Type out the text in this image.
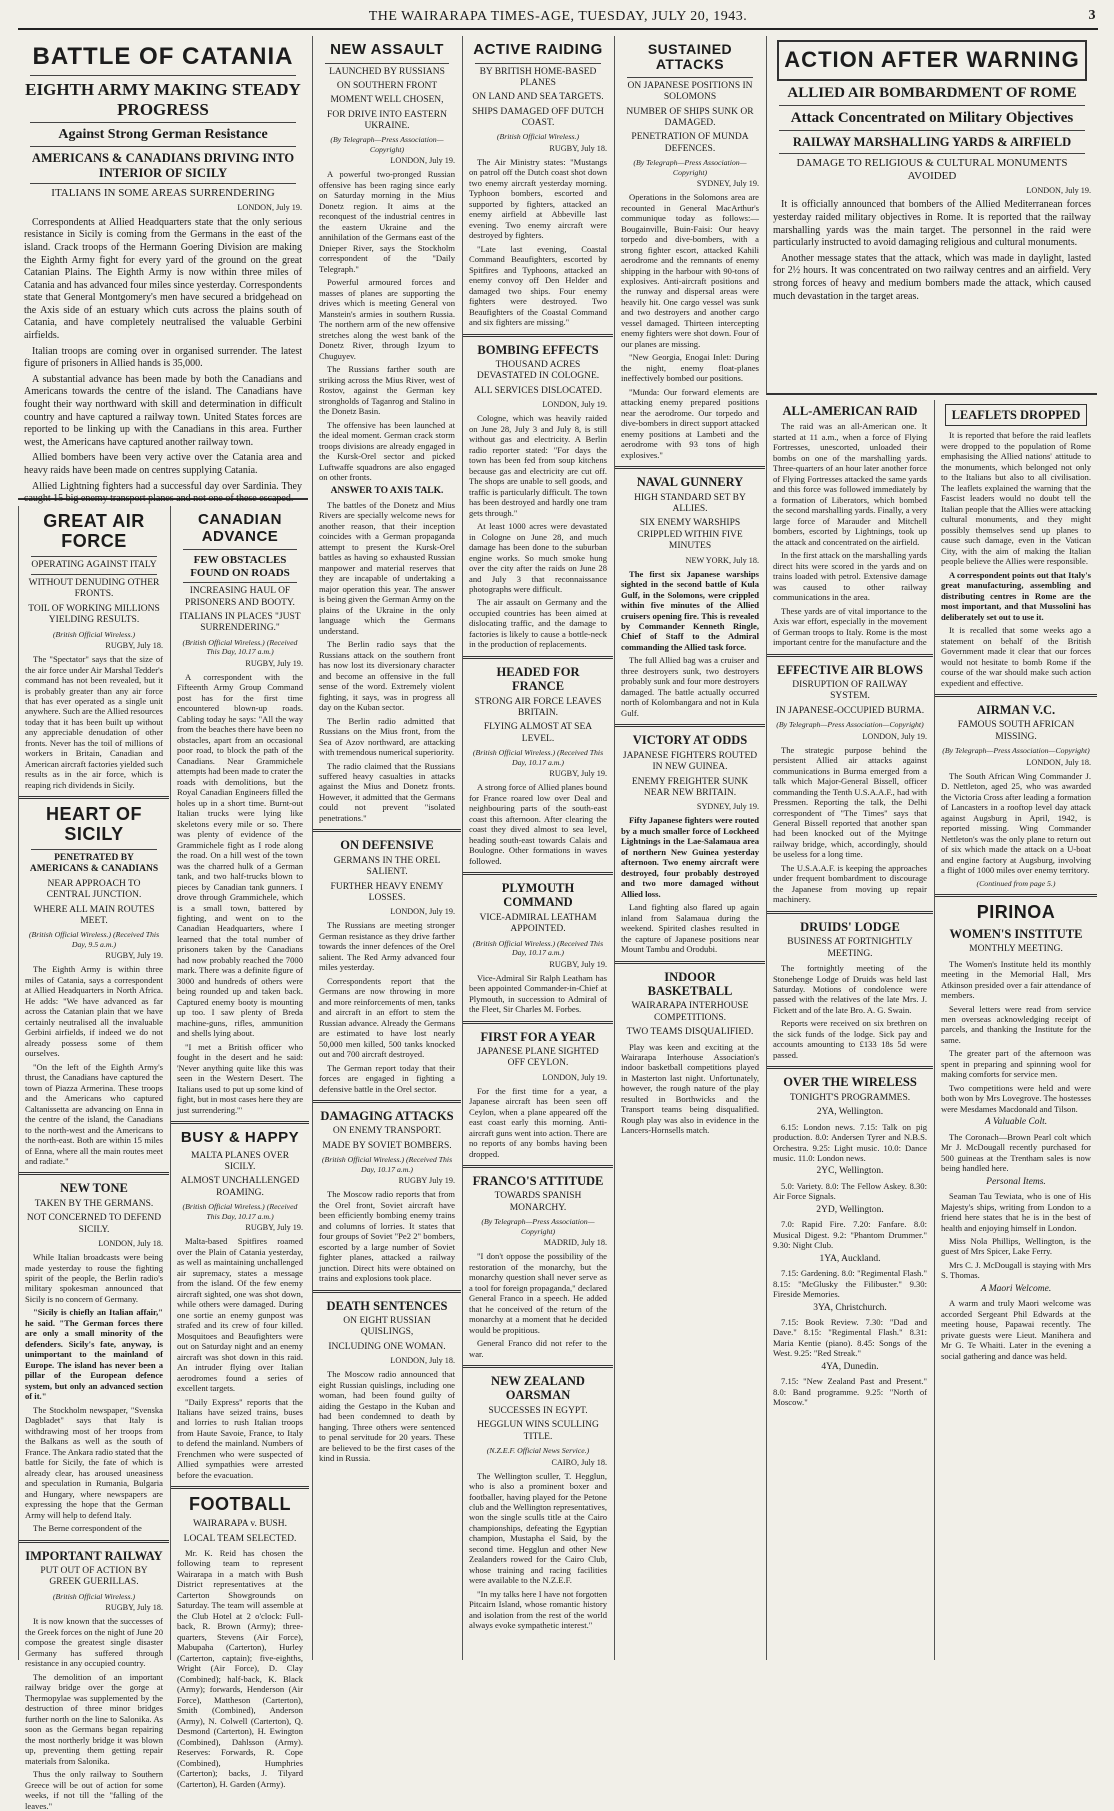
THE WAIRARAPA TIMES-AGE, TUESDAY, JULY 20, 1943.	3
BATTLE OF CATANIA
EIGHTH ARMY MAKING STEADY PROGRESS
Against Strong German Resistance
AMERICANS & CANADIANS DRIVING INTO INTERIOR OF SICILY
ITALIANS IN SOME AREAS SURRENDERING

LONDON, July 19.

Correspondents at Allied Headquarters state that the only serious resistance in Sicily is coming from the Germans in the east of the island. Crack troops of the Hermann Goering Division are making the Eighth Army fight for every yard of the ground on the great Catanian Plains. The Eighth Army is now within three miles of Catania and has advanced four miles since yesterday. Correspondents state that General Montgomery's men have secured a bridgehead on the Axis side of an estuary which cuts across the plains south of Catania, and have completely neutralised the valuable Gerbini airfields.

Italian troops are coming over in organised surrender. The latest figure of prisoners in Allied hands is 35,000.

A substantial advance has been made by both the Canadians and Americans towards the centre of the island. The Canadians have fought their way northward with skill and determination in difficult country and have captured a railway town. United States forces are reported to be linking up with the Canadians in this area. Further west, the Americans have captured another railway town.

Allied bombers have been very active over the Catania area and heavy raids have been made on centres supplying Catania.

Allied Lightning fighters had a successful day over Sardinia. They caught 15 big enemy transport planes and not one of these escaped.

GREAT AIR FORCE
OPERATING AGAINST ITALY
WITHOUT DENUDING OTHER FRONTS.
TOIL OF WORKING MILLIONS YIELDING RESULTS.

(British Official Wireless.)

RUGBY, July 18.

The "Spectator" says that the size of the air force under Air Marshal Tedder's command has not been revealed, but it is probably greater than any air force that has ever operated as a single unit anywhere. Such are the Allied resources today that it has been built up without any appreciable denudation of other fronts. Never has the toil of millions of workers in Britain, Canadian and American aircraft factories yielded such results as in the air force, which is reaping rich dividends in Sicily.

HEART OF SICILY
PENETRATED BY AMERICANS & CANADIANS
NEAR APPROACH TO CENTRAL JUNCTION.
WHERE ALL MAIN ROUTES MEET.

(British Official Wireless.) (Received This Day, 9.5 a.m.)

RUGBY, July 19.

The Eighth Army is within three miles of Catania, says a correspondent at Allied Headquarters in North Africa. He adds: "We have advanced as far across the Catanian plain that we have certainly neutralised all the invaluable Gerbini airfields, if indeed we do not already possess some of them ourselves.

"On the left of the Eighth Army's thrust, the Canadians have captured the town of Piazza Armerina. These troops and the Americans who captured Caltanissetta are advancing on Enna in the centre of the island, the Canadians to the north-west and the Americans to the north-east. Both are within 15 miles of Enna, where all the main routes meet and radiate."

NEW TONE
TAKEN BY THE GERMANS.
NOT CONCERNED TO DEFEND SICILY.

LONDON, July 18.

While Italian broadcasts were being made yesterday to rouse the fighting spirit of the people, the Berlin radio's military spokesman announced that Sicily is no concern of Germany.

"Sicily is chiefly an Italian affair," he said. "The German forces there are only a small minority of the defenders. Sicily's fate, anyway, is unimportant to the mainland of Europe. The island has never been a pillar of the European defence system, but only an advanced section of it."

The Stockholm newspaper, "Svenska Dagbladet" says that Italy is withdrawing most of her troops from the Balkans as well as the south of France. The Ankara radio stated that the battle for Sicily, the fate of which is already clear, has aroused uneasiness and speculation in Rumania, Bulgaria and Hungary, where newspapers are expressing the hope that the German Army will help to defend Italy.

The Berne correspondent of the

IMPORTANT RAILWAY
PUT OUT OF ACTION BY GREEK GUERILLAS.

(British Official Wireless.)

RUGBY, July 18.

It is now known that the successes of the Greek forces on the night of June 20 compose the greatest single disaster Germany has suffered through resistance in any occupied country.

The demolition of an important railway bridge over the gorge at Thermopylae was supplemented by the destruction of three minor bridges further north on the line to Salonika. As soon as the Germans began repairing the most northerly bridge it was blown up, preventing them getting repair materials from Salonika.

Thus the only railway to Southern Greece will be out of action for some weeks, if not till the "falling of the leaves."

CANADIAN ADVANCE
FEW OBSTACLES FOUND ON ROADS
INCREASING HAUL OF PRISONERS AND BOOTY.
ITALIANS IN PLACES "JUST SURRENDERING."

(British Official Wireless.) (Received This Day, 10.17 a.m.)

RUGBY, July 19.

A correspondent with the Fifteenth Army Group Command post has for the first time encountered blown-up roads. Cabling today he says: "All the way from the beaches there have been no obstacles, apart from an occasional poor road, to block the path of the Canadians. Near Grammichele attempts had been made to crater the roads with demolitions, but the Royal Canadian Engineers filled the holes up in a short time. Burnt-out Italian trucks were lying like skeletons every mile or so. There was plenty of evidence of the Grammichele fight as I rode along the road. On a hill west of the town was the charred hulk of a German tank, and two half-trucks blown to pieces by Canadian tank gunners. I drove through Grammichele, which is a small town, battered by fighting, and went on to the Canadian Headquarters, where I learned that the total number of prisoners taken by the Canadians had now probably reached the 7000 mark. There was a definite figure of 3000 and hundreds of others were being rounded up and taken back. Captured enemy booty is mounting up too. I saw plenty of Breda machine-guns, rifles, ammunition and shells lying about.

"I met a British officer who fought in the desert and he said: 'Never anything quite like this was seen in the Western Desert. The Italians used to put up some kind of fight, but in most cases here they are just surrendering.'"

BUSY & HAPPY
MALTA PLANES OVER SICILY.
ALMOST UNCHALLENGED ROAMING.

(British Official Wireless.) (Received This Day, 10.17 a.m.)

RUGBY, July 19.

Malta-based Spitfires roamed over the Plain of Catania yesterday, as well as maintaining unchallenged air supremacy, states a message from the island. Of the few enemy aircraft sighted, one was shot down, while others were damaged. During one sortie an enemy gunpost was strafed and its crew of four killed. Mosquitoes and Beaufighters were out on Saturday night and an enemy aircraft was shot down in this raid. An intruder flying over Italian aerodromes found a series of excellent targets.

"Daily Express" reports that the Italians have seized trains, buses and lorries to rush Italian troops from Haute Savoie, France, to Italy to defend the mainland. Numbers of Frenchmen who were suspected of Allied sympathies were arrested before the evacuation.

FOOTBALL
WAIRARAPA v. BUSH.
LOCAL TEAM SELECTED.

Mr. K. Reid has chosen the following team to represent Wairarapa in a match with Bush District representatives at the Carterton Showgrounds on Saturday. The team will assemble at the Club Hotel at 2 o'clock: Full-back, R. Brown (Army); three-quarters, Stevens (Air Force), Mabupaha (Carterton), Hurley (Carterton, captain); five-eighths, Wright (Air Force), D. Clay (Combined); half-back, K. Black (Army); forwards, Henderson (Air Force), Mattheson (Carterton), Smith (Combined), Anderson (Army), N. Colwell (Carterton), Q. Desmond (Carterton), H. Ewington (Combined), Dahlsson (Army). Reserves: Forwards, R. Cope (Combined), Humphries (Carterton); backs, J. Tilyard (Carterton), H. Garden (Army).

NEW ASSAULT
LAUNCHED BY RUSSIANS
ON SOUTHERN FRONT
MOMENT WELL CHOSEN,
FOR DRIVE INTO EASTERN UKRAINE.

(By Telegraph—Press Association—Copyright)

LONDON, July 19.

A powerful two-pronged Russian offensive has been raging since early on Saturday morning in the Mius Donetz region. It aims at the reconquest of the industrial centres in the eastern Ukraine and the annihilation of the Germans east of the Dnieper River, says the Stockholm correspondent of the "Daily Telegraph."

Powerful armoured forces and masses of planes are supporting the drives which is meeting General von Manstein's armies in southern Russia. The northern arm of the new offensive stretches along the west bank of the Donetz River, through Izyum to Chuguyev.

The Russians farther south are striking across the Mius River, west of Rostov, against the German key strongholds of Taganrog and Stalino in the Donetz Basin.

The offensive has been launched at the ideal moment. German crack storm troops divisions are already engaged in the Kursk-Orel sector and picked Luftwaffe squadrons are also engaged on other fronts.

ANSWER TO AXIS TALK.

The battles of the Donetz and Mius Rivers are specially welcome news for another reason, that their inception coincides with a German propaganda attempt to present the Kursk-Orel battles as having so exhausted Russian manpower and material reserves that they are incapable of undertaking a major operation this year. The answer is being given the German Army on the plains of the Ukraine in the only language which the Germans understand.

The Berlin radio says that the Russians attack on the southern front has now lost its diversionary character and become an offensive in the full sense of the word. Extremely violent fighting, it says, was in progress all day on the Kuban sector.

The Berlin radio admitted that Russians on the Mius front, from the Sea of Azov northward, are attacking with tremendous numerical superiority.

The radio claimed that the Russians suffered heavy casualties in attacks against the Mius and Donetz fronts. However, it admitted that the Germans could not prevent "isolated penetrations."

ON DEFENSIVE
GERMANS IN THE OREL SALIENT.
FURTHER HEAVY ENEMY LOSSES.

LONDON, July 19.

The Russians are meeting stronger German resistance as they drive farther towards the inner defences of the Orel salient. The Red Army advanced four miles yesterday.

Correspondents report that the Germans are now throwing in more and more reinforcements of men, tanks and aircraft in an effort to stem the Russian advance. Already the Germans are estimated to have lost nearly 50,000 men killed, 500 tanks knocked out and 700 aircraft destroyed.

The German report today that their forces are engaged in fighting a defensive battle in the Orel sector.

DAMAGING ATTACKS
ON ENEMY TRANSPORT.
MADE BY SOVIET BOMBERS.

(British Official Wireless.) (Received This Day, 10.17 a.m.)

RUGBY July 19.

The Moscow radio reports that from the Orel front, Soviet aircraft have been efficiently bombing enemy trains and columns of lorries. It states that four groups of Soviet "Pe2 2" bombers, escorted by a large number of Soviet fighter planes, attacked a railway junction. Direct hits were obtained on trains and explosions took place.

DEATH SENTENCES
ON EIGHT RUSSIAN QUISLINGS,
INCLUDING ONE WOMAN.

LONDON, July 18.

The Moscow radio announced that eight Russian quislings, including one woman, had been found guilty of aiding the Gestapo in the Kuban and had been condemned to death by hanging. Three others were sentenced to penal servitude for 20 years. These are believed to be the first cases of the kind in Russia.

ACTIVE RAIDING
BY BRITISH HOME-BASED PLANES
ON LAND AND SEA TARGETS.
SHIPS DAMAGED OFF DUTCH COAST.

(British Official Wireless.)

RUGBY, July 18.

The Air Ministry states: "Mustangs on patrol off the Dutch coast shot down two enemy aircraft yesterday morning. Typhoon bombers, escorted and supported by fighters, attacked an enemy airfield at Abbeville last evening. Two enemy aircraft were destroyed by fighters.

"Late last evening, Coastal Command Beaufighters, escorted by Spitfires and Typhoons, attacked an enemy convoy off Den Helder and damaged two ships. Four enemy fighters were destroyed. Two Beaufighters of the Coastal Command and six fighters are missing."

BOMBING EFFECTS
THOUSAND ACRES DEVASTATED IN COLOGNE.
ALL SERVICES DISLOCATED.

LONDON, July 19.

Cologne, which was heavily raided on June 28, July 3 and July 8, is still without gas and electricity. A Berlin radio reporter stated: "For days the town has been fed from soup kitchens because gas and electricity are cut off. The shops are unable to sell goods, and traffic is particularly difficult. The town has been destroyed and hardly one tram gets through."

At least 1000 acres were devastated in Cologne on June 28, and much damage has been done to the suburban engine works. So much smoke hung over the city after the raids on June 28 and July 3 that reconnaissance photographs were difficult.

The air assault on Germany and the occupied countries has been aimed at dislocating traffic, and the damage to factories is likely to cause a bottle-neck in the production of replacements.

HEADED FOR FRANCE
STRONG AIR FORCE LEAVES BRITAIN.
FLYING ALMOST AT SEA LEVEL.

(British Official Wireless.) (Received This Day, 10.17 a.m.)

RUGBY, July 19.

A strong force of Allied planes bound for France roared low over Deal and neighbouring parts of the south-east coast this afternoon. After clearing the coast they dived almost to sea level, heading south-east towards Calais and Boulogne. Other formations in waves followed.

PLYMOUTH COMMAND
VICE-ADMIRAL LEATHAM APPOINTED.

(British Official Wireless.) (Received This Day, 10.17 a.m.)

RUGBY, July 19.

Vice-Admiral Sir Ralph Leatham has been appointed Commander-in-Chief at Plymouth, in succession to Admiral of the Fleet, Sir Charles M. Forbes.

FIRST FOR A YEAR
JAPANESE PLANE SIGHTED OFF CEYLON.

LONDON, July 19.

For the first time for a year, a Japanese aircraft has been seen off Ceylon, when a plane appeared off the east coast early this morning. Anti-aircraft guns went into action. There are no reports of any bombs having been dropped.

FRANCO'S ATTITUDE
TOWARDS SPANISH MONARCHY.

(By Telegraph—Press Association—Copyright)

MADRID, July 18.

"I don't oppose the possibility of the restoration of the monarchy, but the monarchy question shall never serve as a tool for foreign propaganda," declared General Franco in a speech. He added that he conceived of the return of the monarchy at a moment that he decided would be propitious.

General Franco did not refer to the war.

NEW ZEALAND OARSMAN
SUCCESSES IN EGYPT.
HEGGLUN WINS SCULLING TITLE.

(N.Z.E.F. Official News Service.)

CAIRO, July 18.

The Wellington sculler, T. Hegglun, who is also a prominent boxer and footballer, having played for the Petone club and the Wellington representatives, won the single sculls title at the Cairo championships, defeating the Egyptian champion, Mustapha el Said, by the second time. Hegglun and other New Zealanders rowed for the Cairo Club, whose training and racing facilities were available to the N.Z.E.F.

"In my talks here I have not forgotten Pitcairn Island, whose romantic history and isolation from the rest of the world always evoke sympathetic interest."

SUSTAINED ATTACKS
ON JAPANESE POSITIONS IN SOLOMONS
NUMBER OF SHIPS SUNK OR DAMAGED.
PENETRATION OF MUNDA DEFENCES.

(By Telegraph—Press Association—Copyright)

SYDNEY, July 19.

Operations in the Solomons area are recounted in General MacArthur's communique today as follows:—Bougainville, Buin-Faisi: Our heavy torpedo and dive-bombers, with a strong fighter escort, attacked Kahili aerodrome and the remnants of enemy shipping in the harbour with 90-tons of explosives. Anti-aircraft positions and the runway and dispersal areas were heavily hit. One cargo vessel was sunk and two destroyers and another cargo vessel damaged. Thirteen intercepting enemy fighters were shot down. Four of our planes are missing.

"New Georgia, Enogai Inlet: During the night, enemy float-planes ineffectively bombed our positions.

"Munda: Our forward elements are attacking enemy prepared positions near the aerodrome. Our torpedo and dive-bombers in direct support attacked enemy positions at Lambeti and the aerodrome with 93 tons of high explosives."

NAVAL GUNNERY
HIGH STANDARD SET BY ALLIES.
SIX ENEMY WARSHIPS CRIPPLED WITHIN FIVE MINUTES

NEW YORK, July 18.

The first six Japanese warships sighted in the second battle of Kula Gulf, in the Solomons, were crippled within five minutes of the Allied cruisers opening fire. This is revealed by Commander Kenneth Ringle, Chief of Staff to the Admiral commanding the Allied task force.

The full Allied bag was a cruiser and three destroyers sunk, two destroyers probably sunk and four more destroyers damaged. The battle actually occurred north of Kolombangara and not in Kula Gulf.

VICTORY AT ODDS
JAPANESE FIGHTERS ROUTED IN NEW GUINEA.
ENEMY FREIGHTER SUNK NEAR NEW BRITAIN.

SYDNEY, July 19.

Fifty Japanese fighters were routed by a much smaller force of Lockheed Lightnings in the Lae-Salamaua area of northern New Guinea yesterday afternoon. Two enemy aircraft were destroyed, four probably destroyed and two more damaged without Allied loss.

Land fighting also flared up again inland from Salamaua during the weekend. Spirited clashes resulted in the capture of Japanese positions near Mount Tambu and Orodubi.

INDOOR BASKETBALL
WAIRARAPA INTERHOUSE COMPETITIONS.
TWO TEAMS DISQUALIFIED.

Play was keen and exciting at the Wairarapa Interhouse Association's indoor basketball competitions played in Masterton last night. Unfortunately, however, the rough nature of the play resulted in Borthwicks and the Transport teams being disqualified. Rough play was also in evidence in the Lancers-Hornsells match.

ACTION AFTER WARNING
ALLIED AIR BOMBARDMENT OF ROME
Attack Concentrated on Military Objectives
RAILWAY MARSHALLING YARDS & AIRFIELD
DAMAGE TO RELIGIOUS & CULTURAL MONUMENTS AVOIDED

LONDON, July 19.

It is officially announced that bombers of the Allied Mediterranean forces yesterday raided military objectives in Rome. It is reported that the railway marshalling yards was the main target. The personnel in the raid were particularly instructed to avoid damaging religious and cultural monuments.

Another message states that the attack, which was made in daylight, lasted for 2½ hours. It was concentrated on two railway centres and an airfield. Very strong forces of heavy and medium bombers made the attack, which caused much devastation in the target areas.

ALL-AMERICAN RAID

The raid was an all-American one. It started at 11 a.m., when a force of Flying Fortresses, unescorted, unloaded their bombs on one of the marshalling yards. Three-quarters of an hour later another force of Flying Fortresses attacked the same yards and this force was followed immediately by a formation of Liberators, which bombed the second marshalling yards. Finally, a very large force of Marauder and Mitchell bombers, escorted by Lightnings, took up the attack and concentrated on the airfield.

In the first attack on the marshalling yards direct hits were scored in the yards and on trains loaded with petrol. Extensive damage was caused to other railway communications in the area.

These yards are of vital importance to the Axis war effort, especially in the movement of German troops to Italy. Rome is the most important centre for the manufacture and the

EFFECTIVE AIR BLOWS
DISRUPTION OF RAILWAY SYSTEM.
IN JAPANESE-OCCUPIED BURMA.

(By Telegraph—Press Association—Copyright)

LONDON, July 19.

The strategic purpose behind the persistent Allied air attacks against communications in Burma emerged from a talk which Major-General Bissell, officer commanding the Tenth U.S.A.A.F., had with Pressmen. Reporting the talk, the Delhi correspondent of "The Times" says that General Bissell reported that another span had been knocked out of the Myitnge railway bridge, which, accordingly, should be useless for a long time.

The U.S.A.A.F. is keeping the approaches under frequent bombardment to discourage the Japanese from moving up repair machinery.

DRUIDS' LODGE
BUSINESS AT FORTNIGHTLY MEETING.

The fortnightly meeting of the Stonehenge Lodge of Druids was held last Saturday. Motions of condolence were passed with the relatives of the late Mrs. J. Fickett and of the late Bro. A. G. Swain.

Reports were received on six brethren on the sick funds of the lodge. Sick pay and accounts amounting to £133 18s 5d were passed.

OVER THE WIRELESS
TONIGHT'S PROGRAMMES.
2YA, Wellington.

6.15: London news. 7.15: Talk on pig production. 8.0: Andersen Tyrer and N.B.S. Orchestra. 9.25: Light music. 10.0: Dance music. 11.0: London news.

2YC, Wellington.

5.0: Variety. 8.0: The Fellow Askey. 8.30: Air Force Signals.

2YD, Wellington.

7.0: Rapid Fire. 7.20: Fanfare. 8.0: Musical Digest. 9.2: "Phantom Drummer." 9.30: Night Club.

1YA, Auckland.

7.15: Gardening. 8.0: "Regimental Flash." 8.15: "McGlusky the Filibuster." 9.30: Fireside Memories.

3YA, Christchurch.

7.15: Book Review. 7.30: "Dad and Dave." 8.15: "Regimental Flash." 8.31: Maria Kentie (piano). 8.45: Songs of the West. 9.25: "Red Streak."

4YA, Dunedin.

7.15: "New Zealand Past and Present." 8.0: Band programme. 9.25: "North of Moscow."

LEAFLETS DROPPED

It is reported that before the raid leaflets were dropped to the population of Rome emphasising the Allied nations' attitude to the monuments, which belonged not only to the Italians but also to all civilisation. The leaflets explained the warning that the Fascist leaders would no doubt tell the Italian people that the Allies were attacking cultural monuments, and they might possibly themselves send up planes to cause such damage, even in the Vatican City, with the aim of making the Italian people believe the Allies were responsible.

A correspondent points out that Italy's great manufacturing, assembling and distributing centres in Rome are the most important, and that Mussolini has deliberately set out to use it.

It is recalled that some weeks ago a statement on behalf of the British Government made it clear that our forces would not hesitate to bomb Rome if the course of the war should make such action expedient and effective.

AIRMAN V.C.
FAMOUS SOUTH AFRICAN MISSING.

(By Telegraph—Press Association—Copyright)

LONDON, July 18.

The South African Wing Commander J. D. Nettleton, aged 25, who was awarded the Victoria Cross after leading a formation of Lancasters in a rooftop level day attack against Augsburg in April, 1942, is reported missing. Wing Commander Nettleton's was the only plane to return out of six which made the attack on a U-boat and engine factory at Augsburg, involving a flight of 1000 miles over enemy territory.

(Continued from page 5.)

PIRINOA
WOMEN'S INSTITUTE
MONTHLY MEETING.

The Women's Institute held its monthly meeting in the Memorial Hall, Mrs Atkinson presided over a fair attendance of members.

Several letters were read from service men overseas acknowledging receipt of parcels, and thanking the Institute for the same.

The greater part of the afternoon was spent in preparing and spinning wool for making comforts for service men.

Two competitions were held and were both won by Mrs Lovegrove. The hostesses were Mesdames Macdonald and Tilson.

A Valuable Colt.

The Coronach—Brown Pearl colt which Mr J. McDougall recently purchased for 500 guineas at the Trentham sales is now being handled here.

Personal Items.

Seaman Tau Tewiata, who is one of His Majesty's ships, writing from London to a friend here states that he is in the best of health and enjoying himself in London.

Miss Nola Phillips, Wellington, is the guest of Mrs Spicer, Lake Ferry.

Mrs C. J. McDougall is staying with Mrs S. Thomas.

A Maori Welcome.

A warm and truly Maori welcome was accorded Sergeant Phil Edwards at the meeting house, Papawai recently. The private guests were Lieut. Manihera and Mr G. Te Whaiti. Later in the evening a social gathering and dance was held.
